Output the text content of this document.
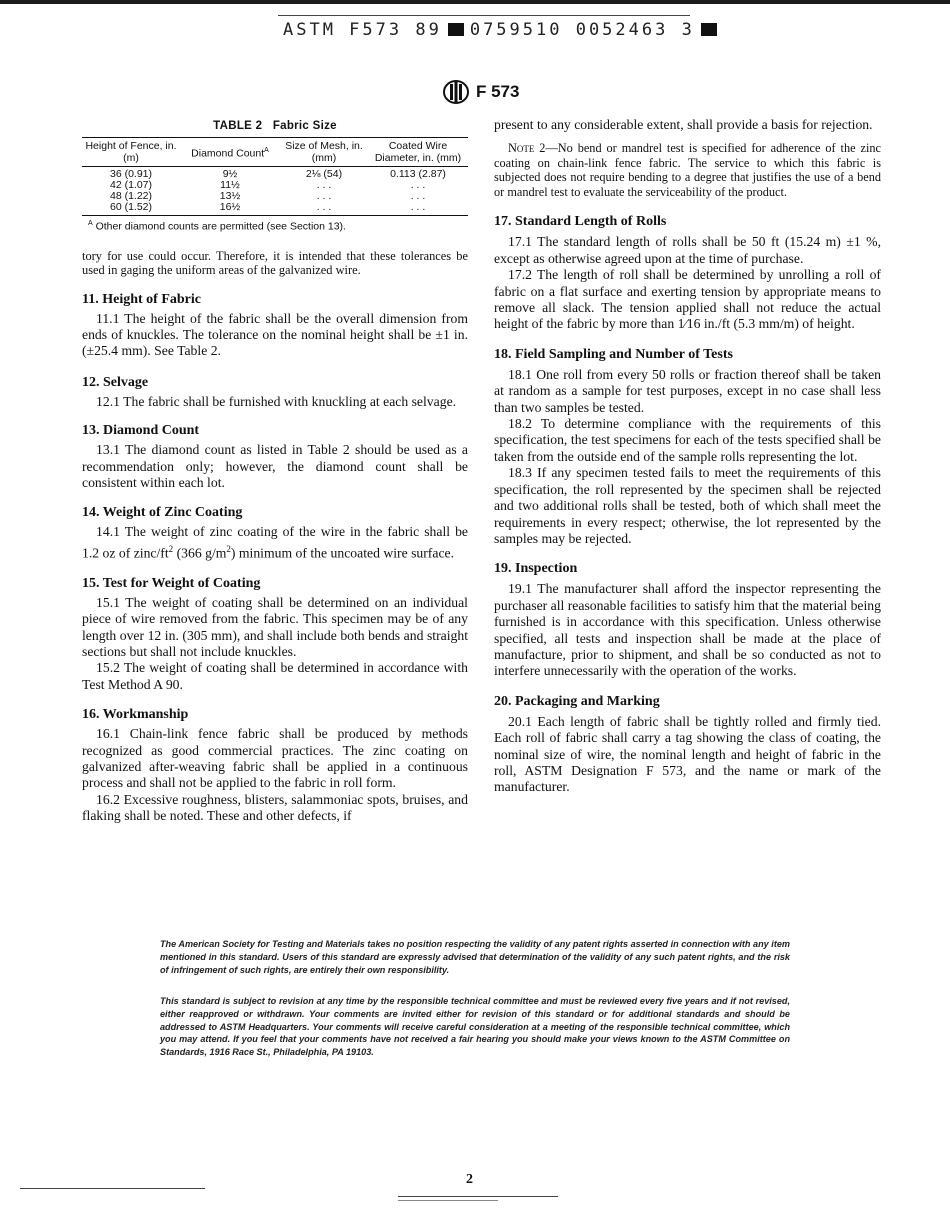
ASTM F573 89 0759510 0052463 3
F 573
TABLE 2 Fabric Size
Height of Fence, in. (m)	Diamond Count$^A$	Size of Mesh, in. (mm)	Coated Wire Diameter, in. (mm)
36 (0.91)	9½	2⅛ (54)	0.113 (2.87)
42 (1.07)	11½	. . .	. . .
48 (1.22)	13½	. . .	. . .
60 (1.52)	16½	. . .	. . .
$^A$ Other diamond counts are permitted (see Section 13).

tory for use could occur. Therefore, it is intended that these tolerances be used in gaging the uniform areas of the galvanized wire.

11. Height of Fabric

11.1 The height of the fabric shall be the overall dimension from ends of knuckles. The tolerance on the nominal height shall be ±1 in. (±25.4 mm). See Table 2.

12. Selvage

12.1 The fabric shall be furnished with knuckling at each selvage.

13. Diamond Count

13.1 The diamond count as listed in Table 2 should be used as a recommendation only; however, the diamond count shall be consistent within each lot.

14. Weight of Zinc Coating

14.1 The weight of zinc coating of the wire in the fabric shall be 1.2 oz of zinc/$ft^2$ (366 $g/m^2$) minimum of the uncoated wire surface.

15. Test for Weight of Coating

15.1 The weight of coating shall be determined on an individual piece of wire removed from the fabric. This specimen may be of any length over 12 in. (305 mm), and shall include both bends and straight sections but shall not include knuckles.

15.2 The weight of coating shall be determined in accordance with Test Method A 90.

16. Workmanship

16.1 Chain-link fence fabric shall be produced by methods recognized as good commercial practices. The zinc coating on galvanized after-weaving fabric shall be applied in a continuous process and shall not be applied to the fabric in roll form.

16.2 Excessive roughness, blisters, salammoniac spots, bruises, and flaking shall be noted. These and other defects, if

present to any considerable extent, shall provide a basis for rejection.

Note 2—No bend or mandrel test is specified for adherence of the zinc coating on chain-link fence fabric. The service to which this fabric is subjected does not require bending to a degree that justifies the use of a bend or mandrel test to evaluate the serviceability of the product.

17. Standard Length of Rolls

17.1 The standard length of rolls shall be 50 ft (15.24 m) ±1 %, except as otherwise agreed upon at the time of purchase.

17.2 The length of roll shall be determined by unrolling a roll of fabric on a flat surface and exerting tension by appropriate means to remove all slack. The tension applied shall not reduce the actual height of the fabric by more than 1⁄16 in./ft (5.3 mm/m) of height.

18. Field Sampling and Number of Tests

18.1 One roll from every 50 rolls or fraction thereof shall be taken at random as a sample for test purposes, except in no case shall less than two samples be tested.

18.2 To determine compliance with the requirements of this specification, the test specimens for each of the tests specified shall be taken from the outside end of the sample rolls representing the lot.

18.3 If any specimen tested fails to meet the requirements of this specification, the roll represented by the specimen shall be rejected and two additional rolls shall be tested, both of which shall meet the requirements in every respect; otherwise, the lot represented by the samples may be rejected.

19. Inspection

19.1 The manufacturer shall afford the inspector representing the purchaser all reasonable facilities to satisfy him that the material being furnished is in accordance with this specification. Unless otherwise specified, all tests and inspection shall be made at the place of manufacture, prior to shipment, and shall be so conducted as not to interfere unnecessarily with the operation of the works.

20. Packaging and Marking

20.1 Each length of fabric shall be tightly rolled and firmly tied. Each roll of fabric shall carry a tag showing the class of coating, the nominal size of wire, the nominal length and height of fabric in the roll, ASTM Designation F 573, and the name or mark of the manufacturer.

The American Society for Testing and Materials takes no position respecting the validity of any patent rights asserted in connection with any item mentioned in this standard. Users of this standard are expressly advised that determination of the validity of any such patent rights, and the risk of infringement of such rights, are entirely their own responsibility.
This standard is subject to revision at any time by the responsible technical committee and must be reviewed every five years and if not revised, either reapproved or withdrawn. Your comments are invited either for revision of this standard or for additional standards and should be addressed to ASTM Headquarters. Your comments will receive careful consideration at a meeting of the responsible technical committee, which you may attend. If you feel that your comments have not received a fair hearing you should make your views known to the ASTM Committee on Standards, 1916 Race St., Philadelphia, PA 19103.
2
